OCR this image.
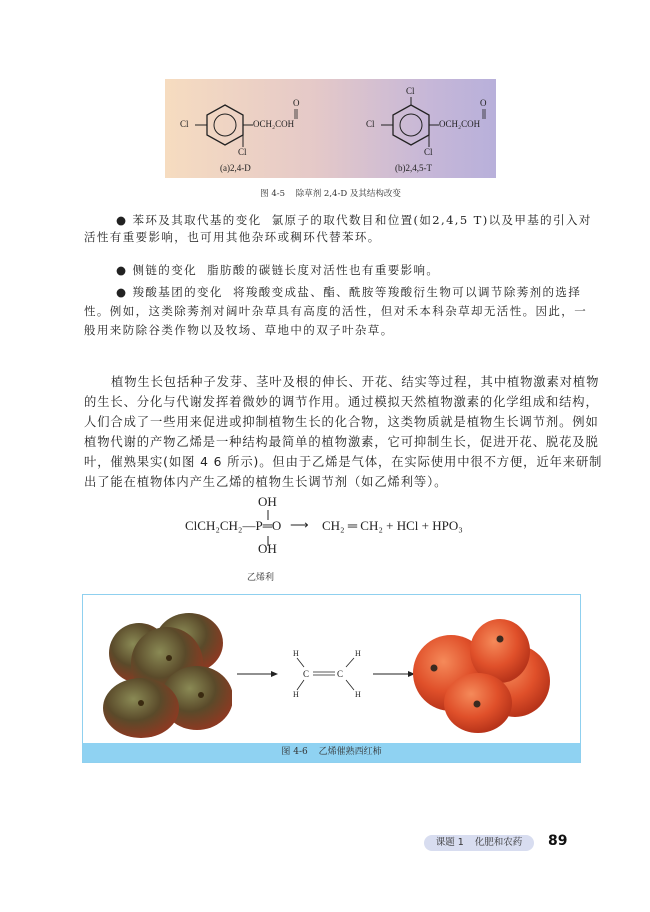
Cl	OCH₂COH
O
Cl
(a)2,4-D
Cl
Cl	OCH₂COH
O
Cl
(b)2,4,5-T
图 4-5 除草剂 2,4-D 及其结构改变
● 苯环及其取代基的变化 氯原子的取代数目和位置(如2,4,5 T)以及甲基的引入对
活性有重要影响，也可用其他杂环或稠环代替苯环。
● 侧链的变化 脂肪酸的碳链长度对活性也有重要影响。
● 羧酸基团的变化 将羧酸变成盐、酯、酰胺等羧酸衍生物可以调节除莠剂的选择
性。例如，这类除莠剂对阔叶杂草具有高度的活性，但对禾本科杂草却无活性。因此，一
般用来防除谷类作物以及牧场、草地中的双子叶杂草。
植物生长包括种子发芽、茎叶及根的伸长、开花、结实等过程，其中植物激素对植物
的生长、分化与代谢发挥着微妙的调节作用。通过模拟天然植物激素的化学组成和结构，
人们合成了一些用来促进或抑制植物生长的化合物，这类物质就是植物生长调节剂。例如
植物代谢的产物乙烯是一种结构最简单的植物激素，它可抑制生长，促进开花、脱花及脱
叶，催熟果实(如图 4 6 所示)。但由于乙烯是气体，在实际使用中很不方便，近年来研制
出了能在植物体内产生乙烯的植物生长调节剂（如乙烯利等）。
OH
ClCH₂CH₂—P═O ⟶ CH₂ ═ CH₂ + HCl + HPO₃
OH
乙烯利
H
H
H
H
C	C
图 4-6 乙烯催熟西红柿
课题 1 化肥和农药	89
